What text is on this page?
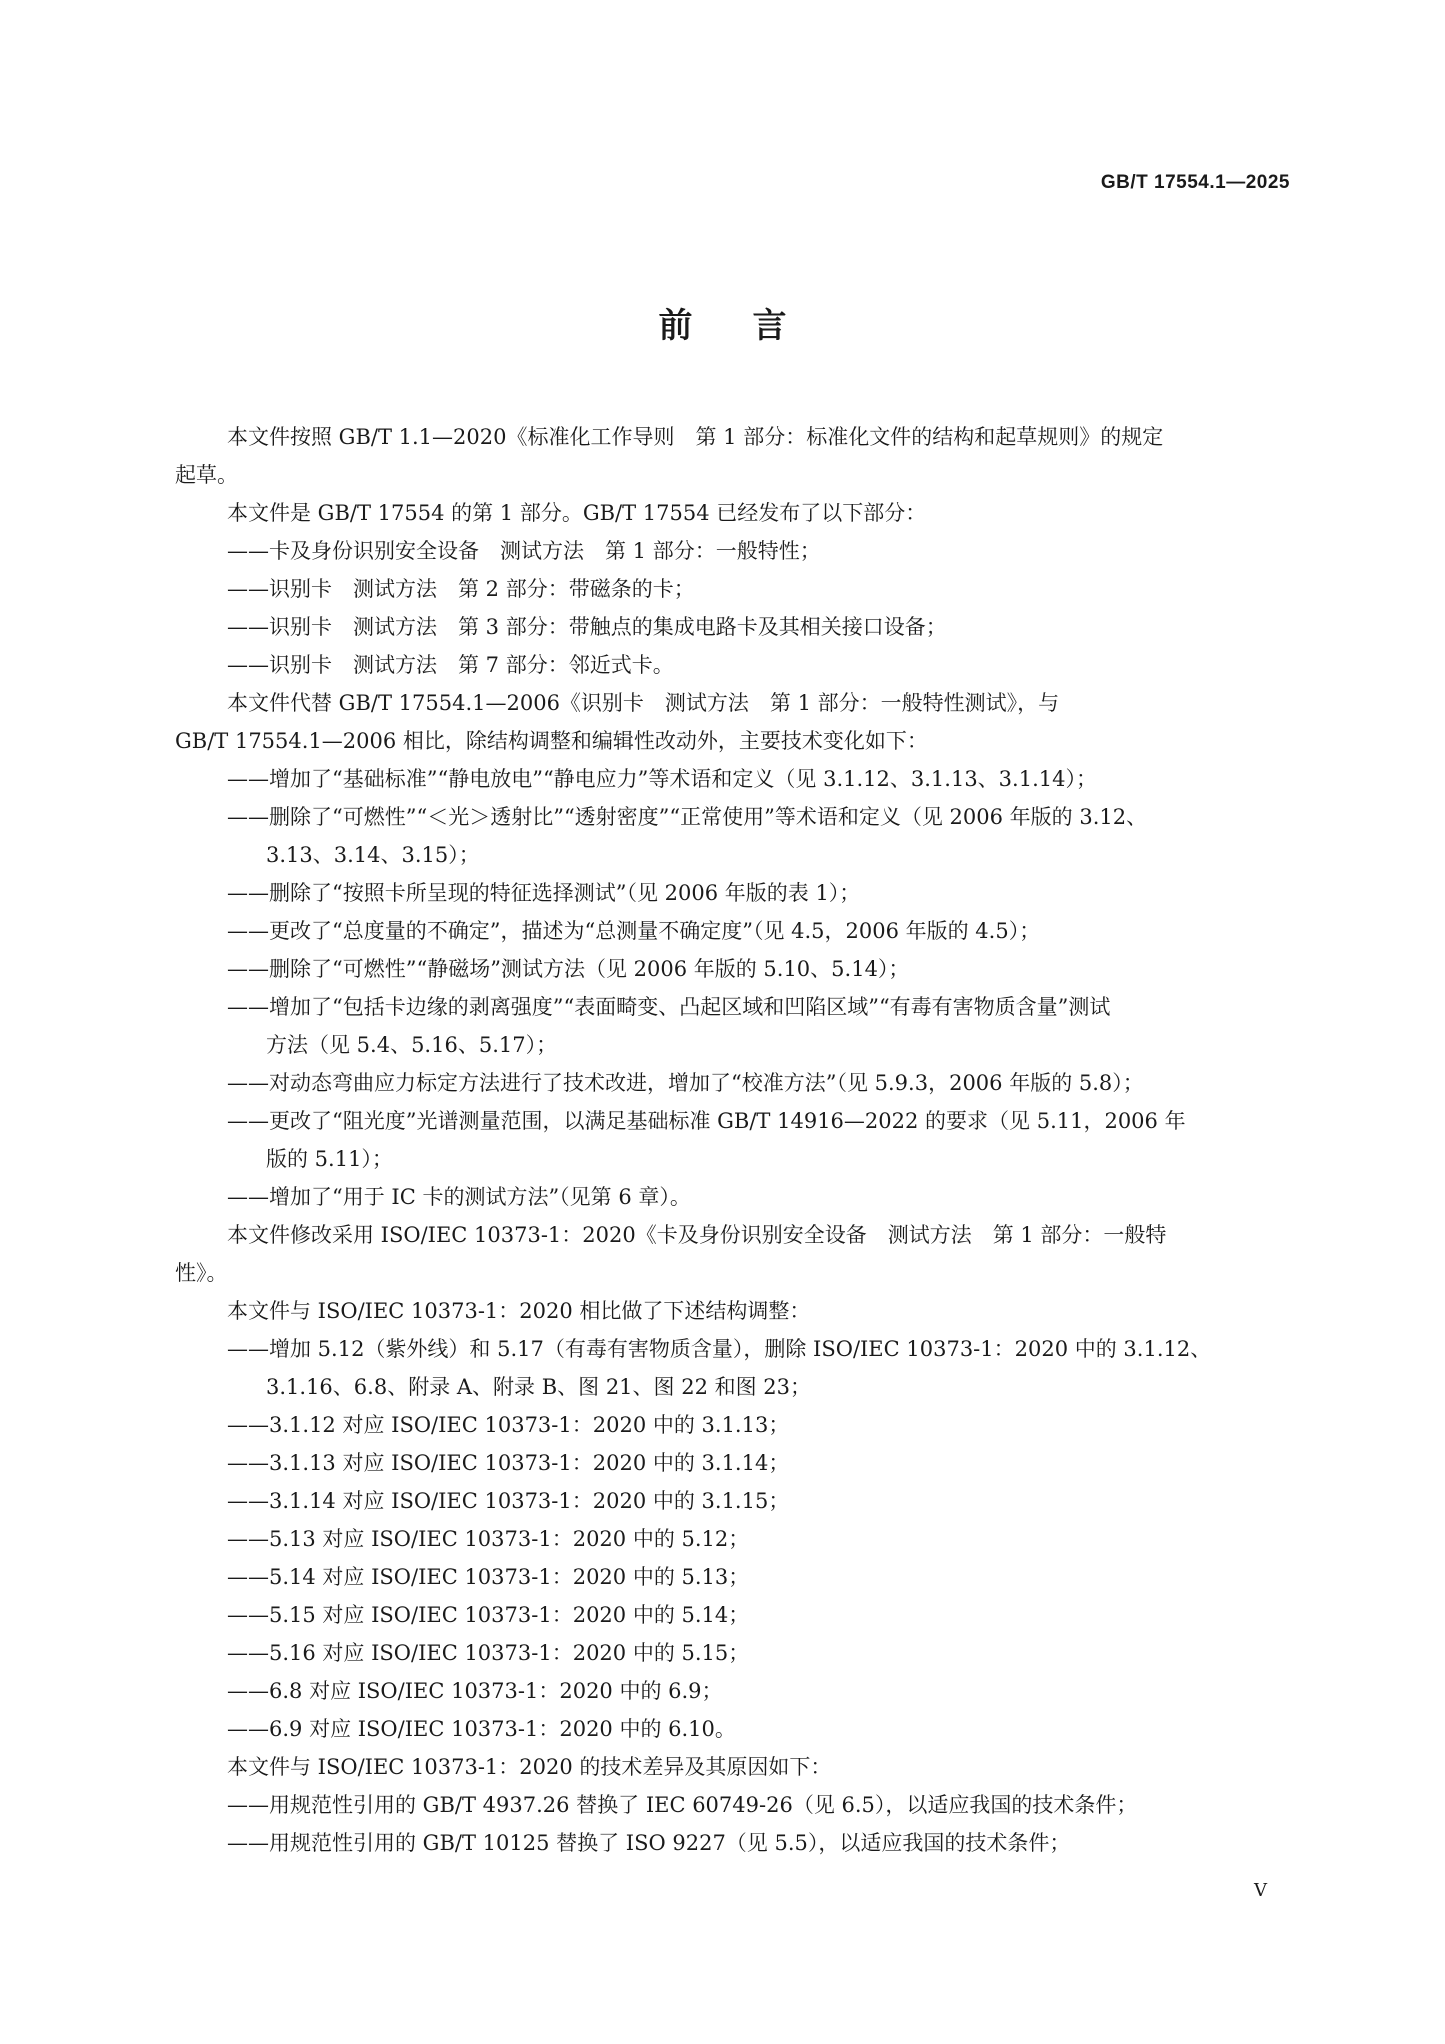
GB/T 17554.1—2025
前言
本文件按照 GB/T 1.1—2020《标准化工作导则　第 1 部分：标准化文件的结构和起草规则》的规定
起草。
本文件是 GB/T 17554 的第 1 部分。GB/T 17554 已经发布了以下部分：
——卡及身份识别安全设备　测试方法　第 1 部分：一般特性；
——识别卡　测试方法　第 2 部分：带磁条的卡；
——识别卡　测试方法　第 3 部分：带触点的集成电路卡及其相关接口设备；
——识别卡　测试方法　第 7 部分：邻近式卡。
本文件代替 GB/T 17554.1—2006《识别卡　测试方法　第 1 部分：一般特性测试》，与
GB/T 17554.1—2006 相比，除结构调整和编辑性改动外，主要技术变化如下：
——增加了“基础标准”“静电放电”“静电应力”等术语和定义（见 3.1.12、3.1.13、3.1.14）；
——删除了“可燃性”“＜光＞透射比”“透射密度”“正常使用”等术语和定义（见 2006 年版的 3.12、
3.13、3.14、3.15）；
——删除了“按照卡所呈现的特征选择测试”（见 2006 年版的表 1）；
——更改了“总度量的不确定”，描述为“总测量不确定度”（见 4.5，2006 年版的 4.5）；
——删除了“可燃性”“静磁场”测试方法（见 2006 年版的 5.10、5.14）；
——增加了“包括卡边缘的剥离强度”“表面畸变、凸起区域和凹陷区域”“有毒有害物质含量”测试
方法（见 5.4、5.16、5.17）；
——对动态弯曲应力标定方法进行了技术改进，增加了“校准方法”（见 5.9.3，2006 年版的 5.8）；
——更改了“阻光度”光谱测量范围，以满足基础标准 GB/T 14916—2022 的要求（见 5.11，2006 年
版的 5.11）；
——增加了“用于 IC 卡的测试方法”（见第 6 章）。
本文件修改采用 ISO/IEC 10373-1：2020《卡及身份识别安全设备　测试方法　第 1 部分：一般特
性》。
本文件与 ISO/IEC 10373-1：2020 相比做了下述结构调整：
——增加 5.12（紫外线）和 5.17（有毒有害物质含量），删除 ISO/IEC 10373-1：2020 中的 3.1.12、
3.1.16、6.8、附录 A、附录 B、图 21、图 22 和图 23；
——3.1.12 对应 ISO/IEC 10373-1：2020 中的 3.1.13；
——3.1.13 对应 ISO/IEC 10373-1：2020 中的 3.1.14；
——3.1.14 对应 ISO/IEC 10373-1：2020 中的 3.1.15；
——5.13 对应 ISO/IEC 10373-1：2020 中的 5.12；
——5.14 对应 ISO/IEC 10373-1：2020 中的 5.13；
——5.15 对应 ISO/IEC 10373-1：2020 中的 5.14；
——5.16 对应 ISO/IEC 10373-1：2020 中的 5.15；
——6.8 对应 ISO/IEC 10373-1：2020 中的 6.9；
——6.9 对应 ISO/IEC 10373-1：2020 中的 6.10。
本文件与 ISO/IEC 10373-1：2020 的技术差异及其原因如下：
——用规范性引用的 GB/T 4937.26 替换了 IEC 60749-26（见 6.5），以适应我国的技术条件；
——用规范性引用的 GB/T 10125 替换了 ISO 9227（见 5.5），以适应我国的技术条件；
V
